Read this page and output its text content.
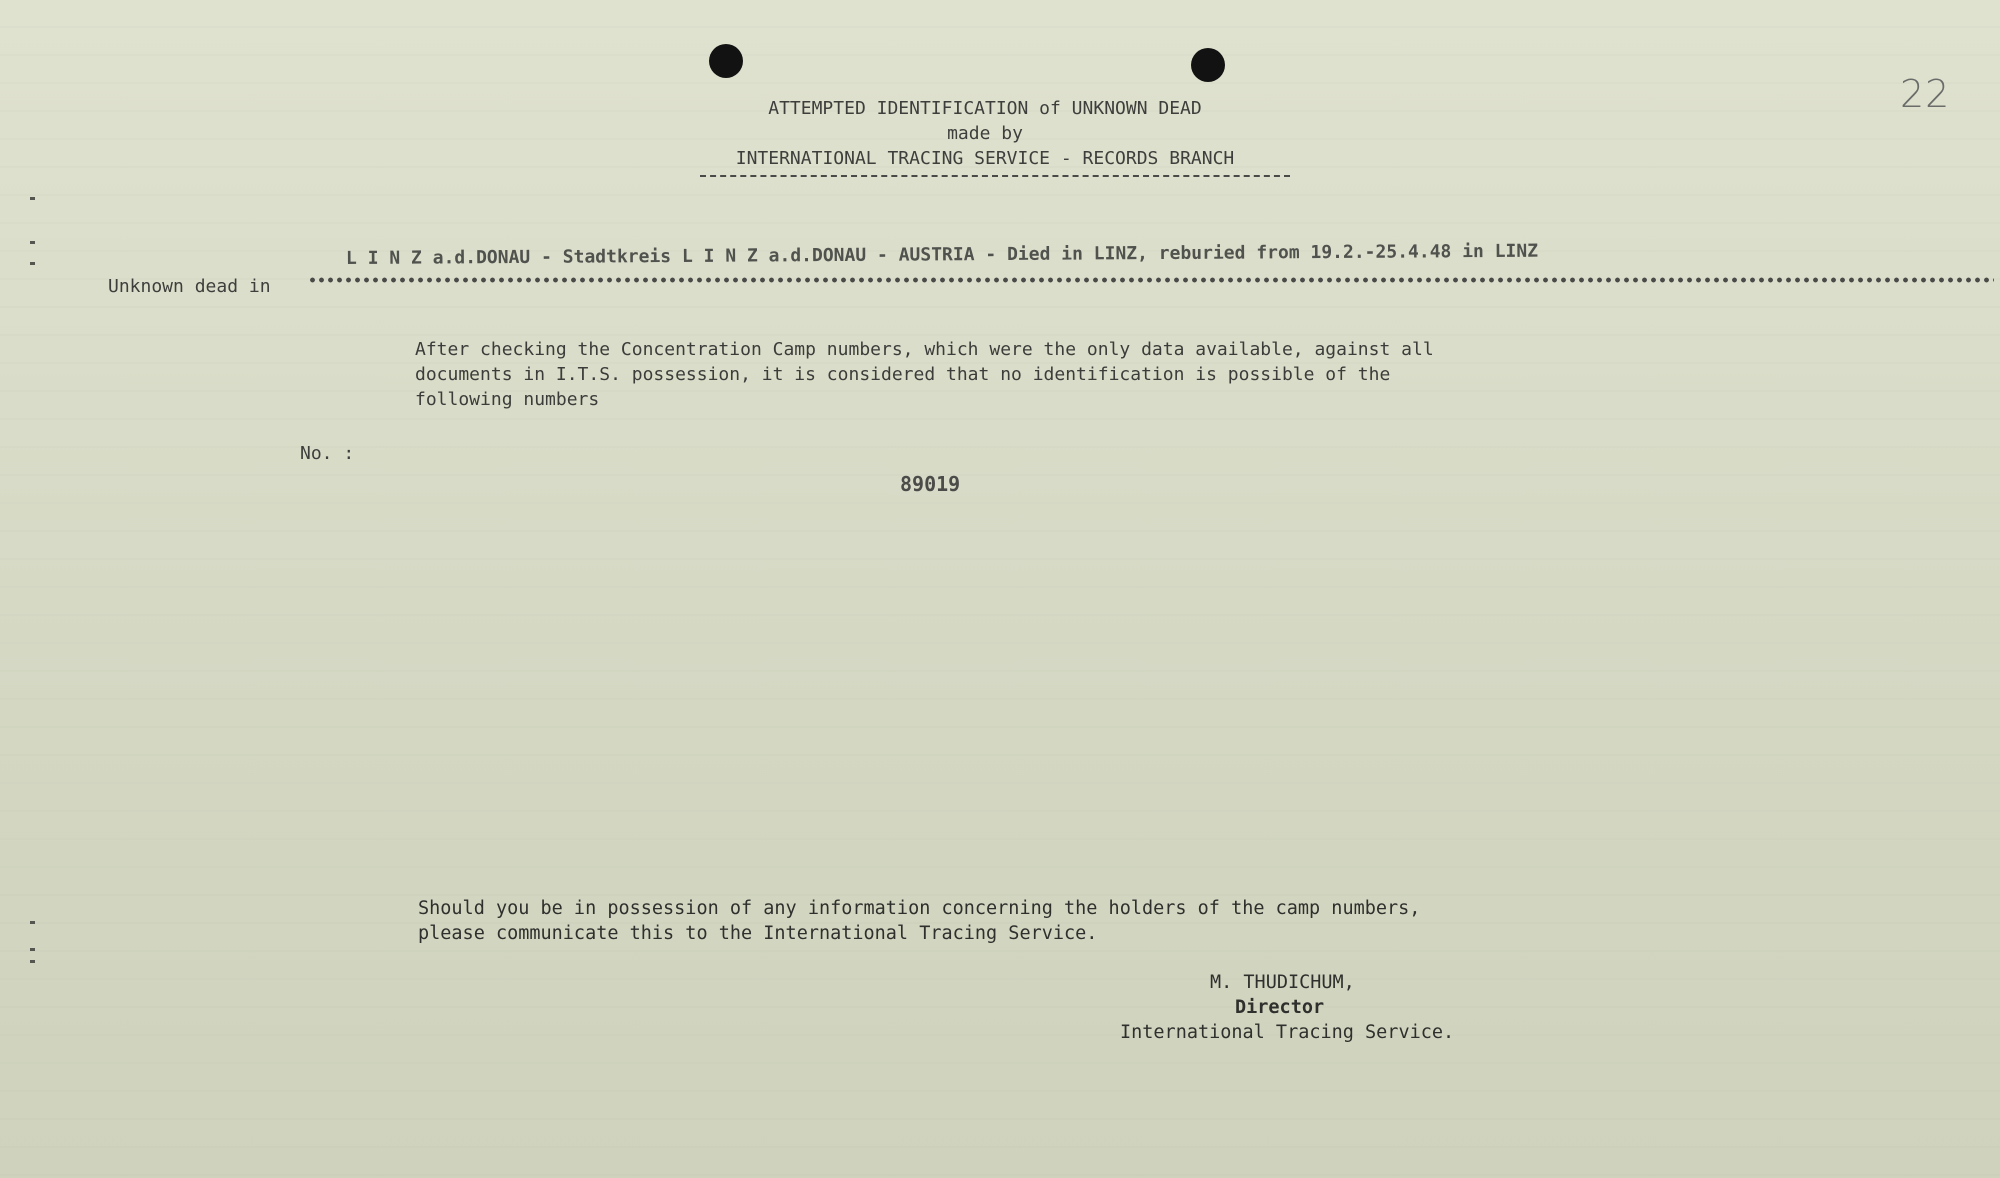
22
ATTEMPTED IDENTIFICATION of UNKNOWN DEAD
made by
INTERNATIONAL TRACING SERVICE - RECORDS BRANCH
Unknown dead in
L I N Z a.d.DONAU - Stadtkreis L I N Z a.d.DONAU - AUSTRIA - Died in LINZ, reburied from 19.2.-25.4.48 in LINZ
After checking the Concentration Camp numbers, which were the only data available, against all
documents in I.T.S. possession, it is considered that no identification is possible of the
following numbers
No. :
89019
Should you be in possession of any information concerning the holders of the camp numbers,
please communicate this to the International Tracing Service.
M. THUDICHUM,
Director
International Tracing Service.
